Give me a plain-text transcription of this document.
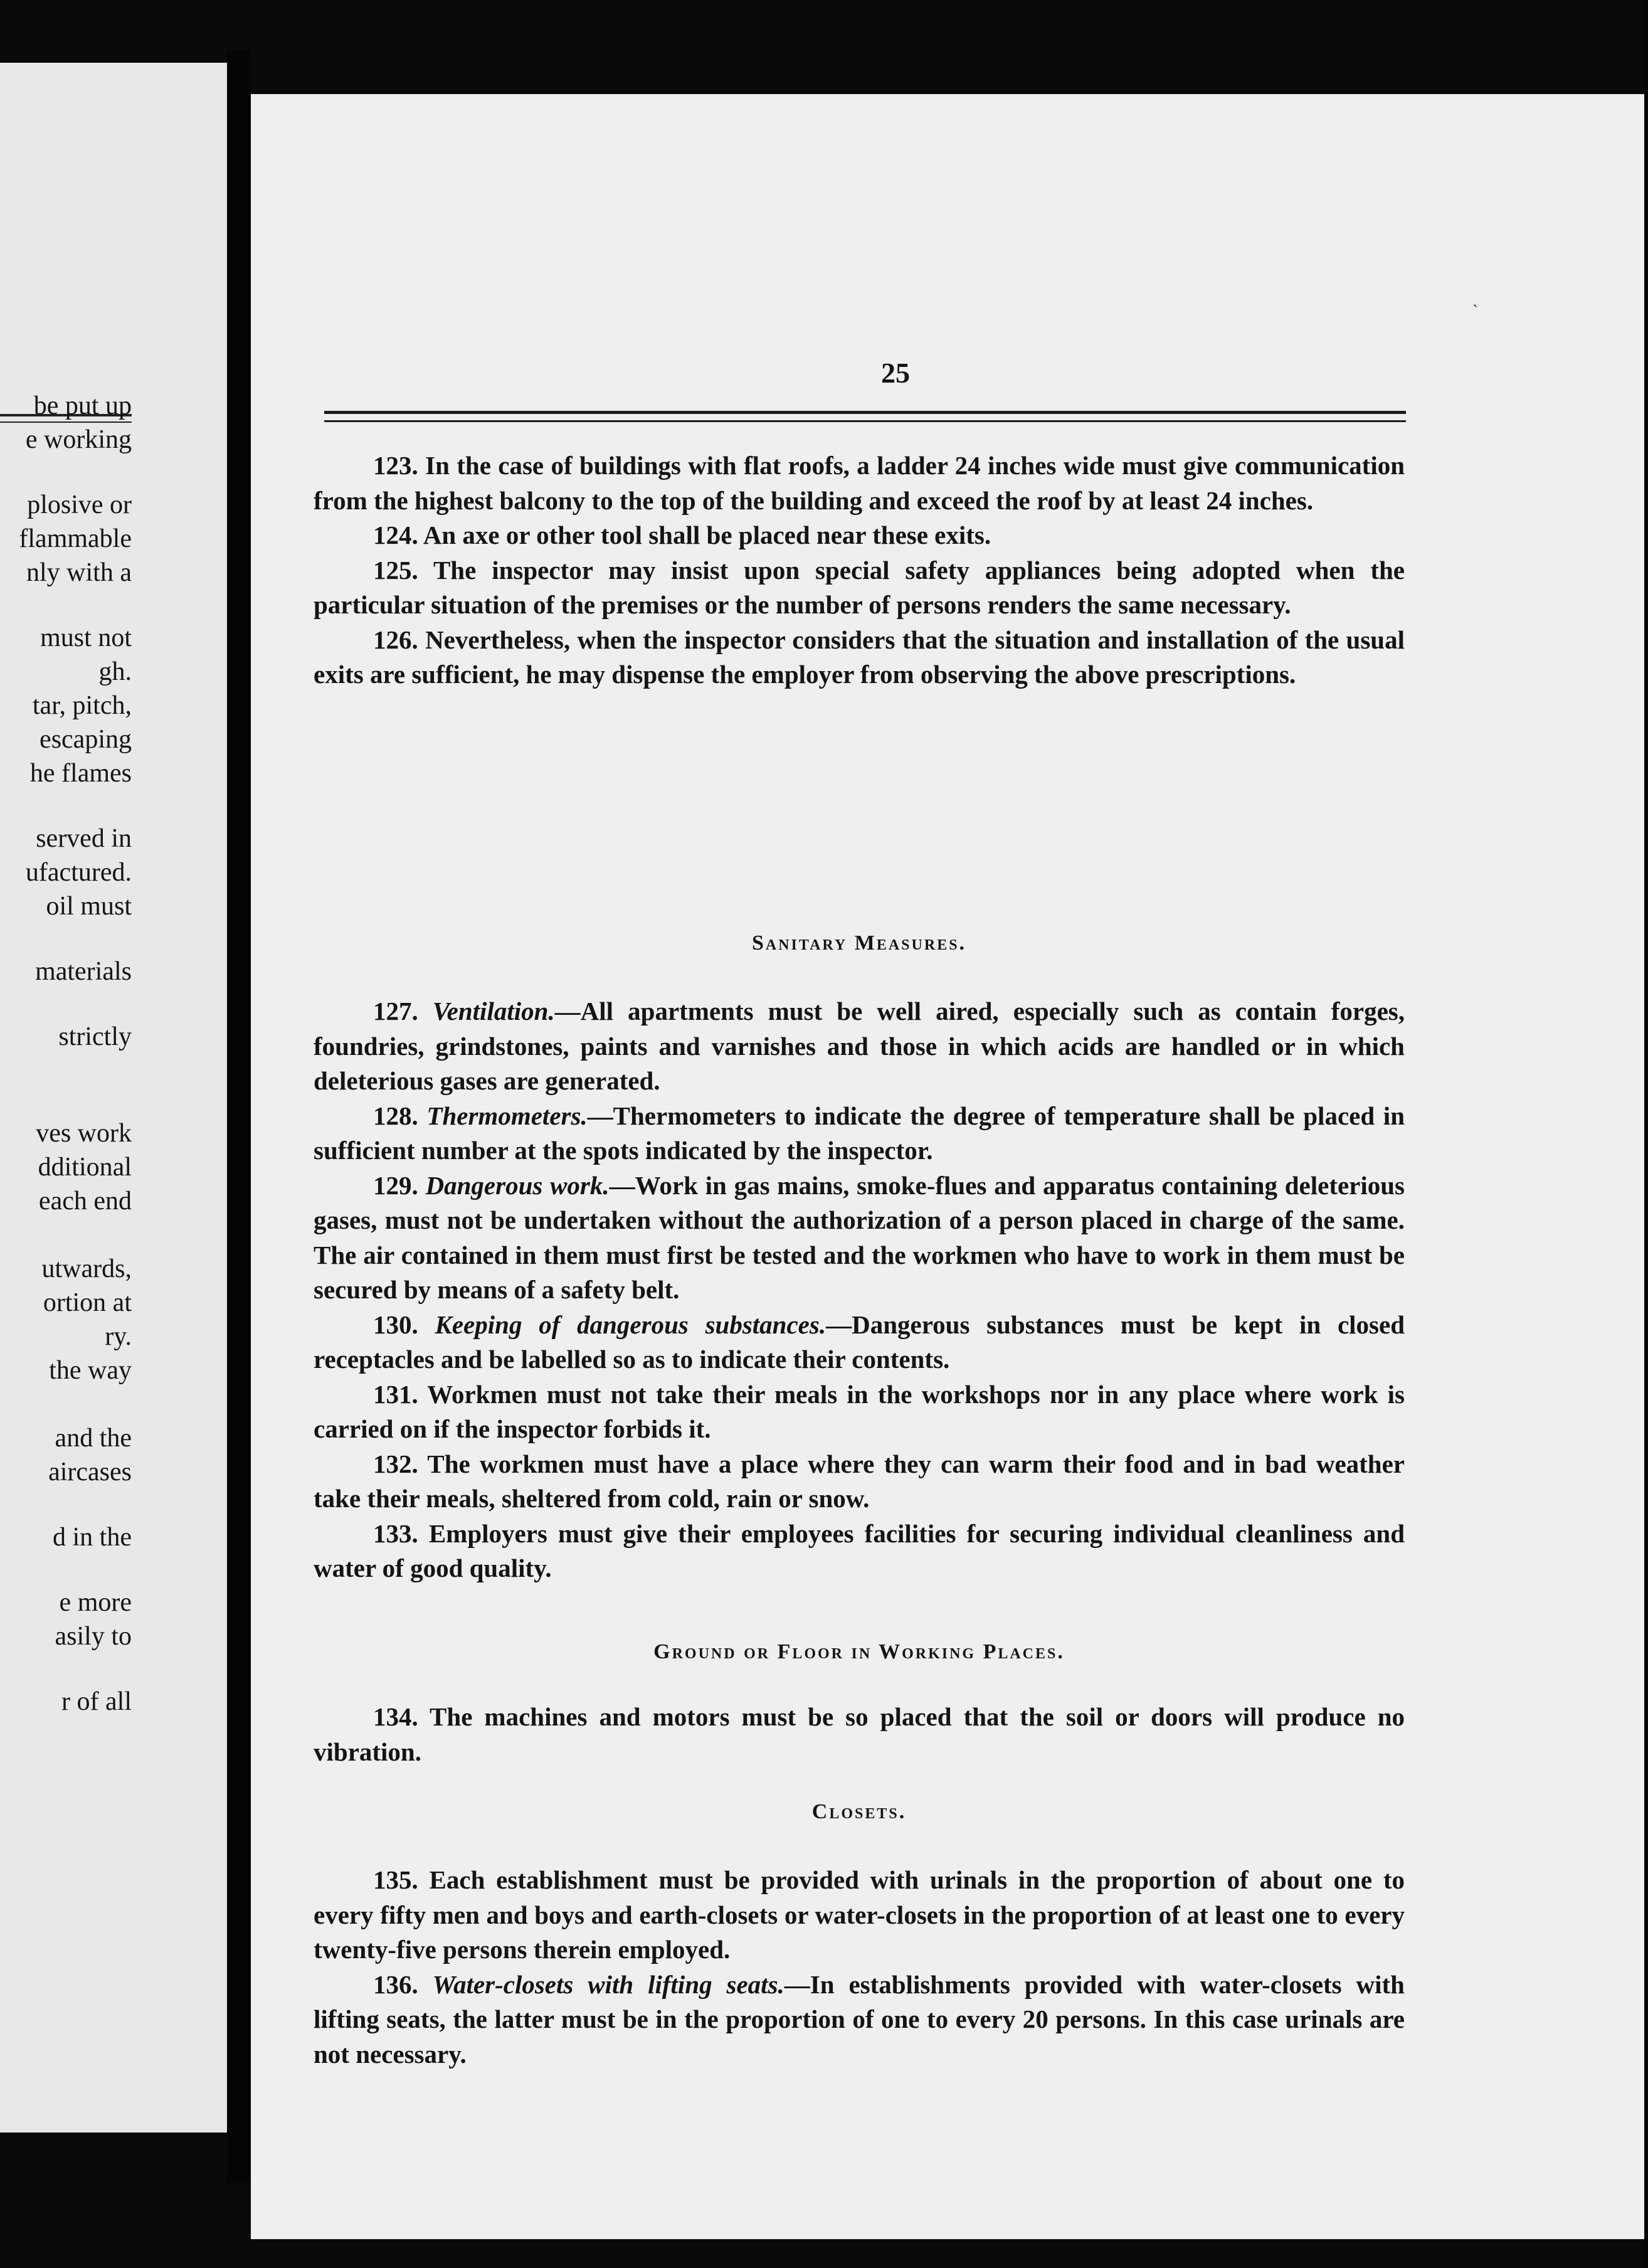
be put up

e working

plosive or

flammable

nly with a

must not

gh.

tar, pitch,

escaping

he flames

served in

ufactured.

oil must

materials

strictly

ves work

dditional

each end

utwards,

ortion at

ry.

the way

and the

aircases

d in the

e more

asily to

r of all

ˎ

25

123. In the case of buildings with flat roofs, a ladder 24 inches wide must give communication from the highest balcony to the top of the building and exceed the roof by at least 24 inches.

124. An axe or other tool shall be placed near these exits.

125. The inspector may insist upon special safety appliances being adopted when the particular situation of the premises or the number of persons renders the same necessary.

126. Nevertheless, when the inspector considers that the situation and installation of the usual exits are sufficient, he may dispense the employer from observing the above prescriptions.

Sanitary Measures.

127. Ventilation.—All apartments must be well aired, especially such as contain forges, foundries, grindstones, paints and varnishes and those in which acids are handled or in which deleterious gases are generated.

128. Thermometers.—Thermometers to indicate the degree of temperature shall be placed in sufficient number at the spots indicated by the inspector.

129. Dangerous work.—Work in gas mains, smoke-flues and apparatus containing deleterious gases, must not be undertaken without the authorization of a person placed in charge of the same. The air contained in them must first be tested and the workmen who have to work in them must be secured by means of a safety belt.

130. Keeping of dangerous substances.—Dangerous substances must be kept in closed receptacles and be labelled so as to indicate their contents.

131. Workmen must not take their meals in the workshops nor in any place where work is carried on if the inspector forbids it.

132. The workmen must have a place where they can warm their food and in bad weather take their meals, sheltered from cold, rain or snow.

133. Employers must give their employees facilities for securing individual cleanliness and water of good quality.

Ground or Floor in Working Places.

134. The machines and motors must be so placed that the soil or doors will produce no vibration.

Closets.

135. Each establishment must be provided with urinals in the proportion of about one to every fifty men and boys and earth-closets or water-closets in the proportion of at least one to every twenty-five persons therein employed.

136. Water-closets with lifting seats.—In establishments provided with water-closets with lifting seats, the latter must be in the proportion of one to every 20 persons. In this case urinals are not necessary.
